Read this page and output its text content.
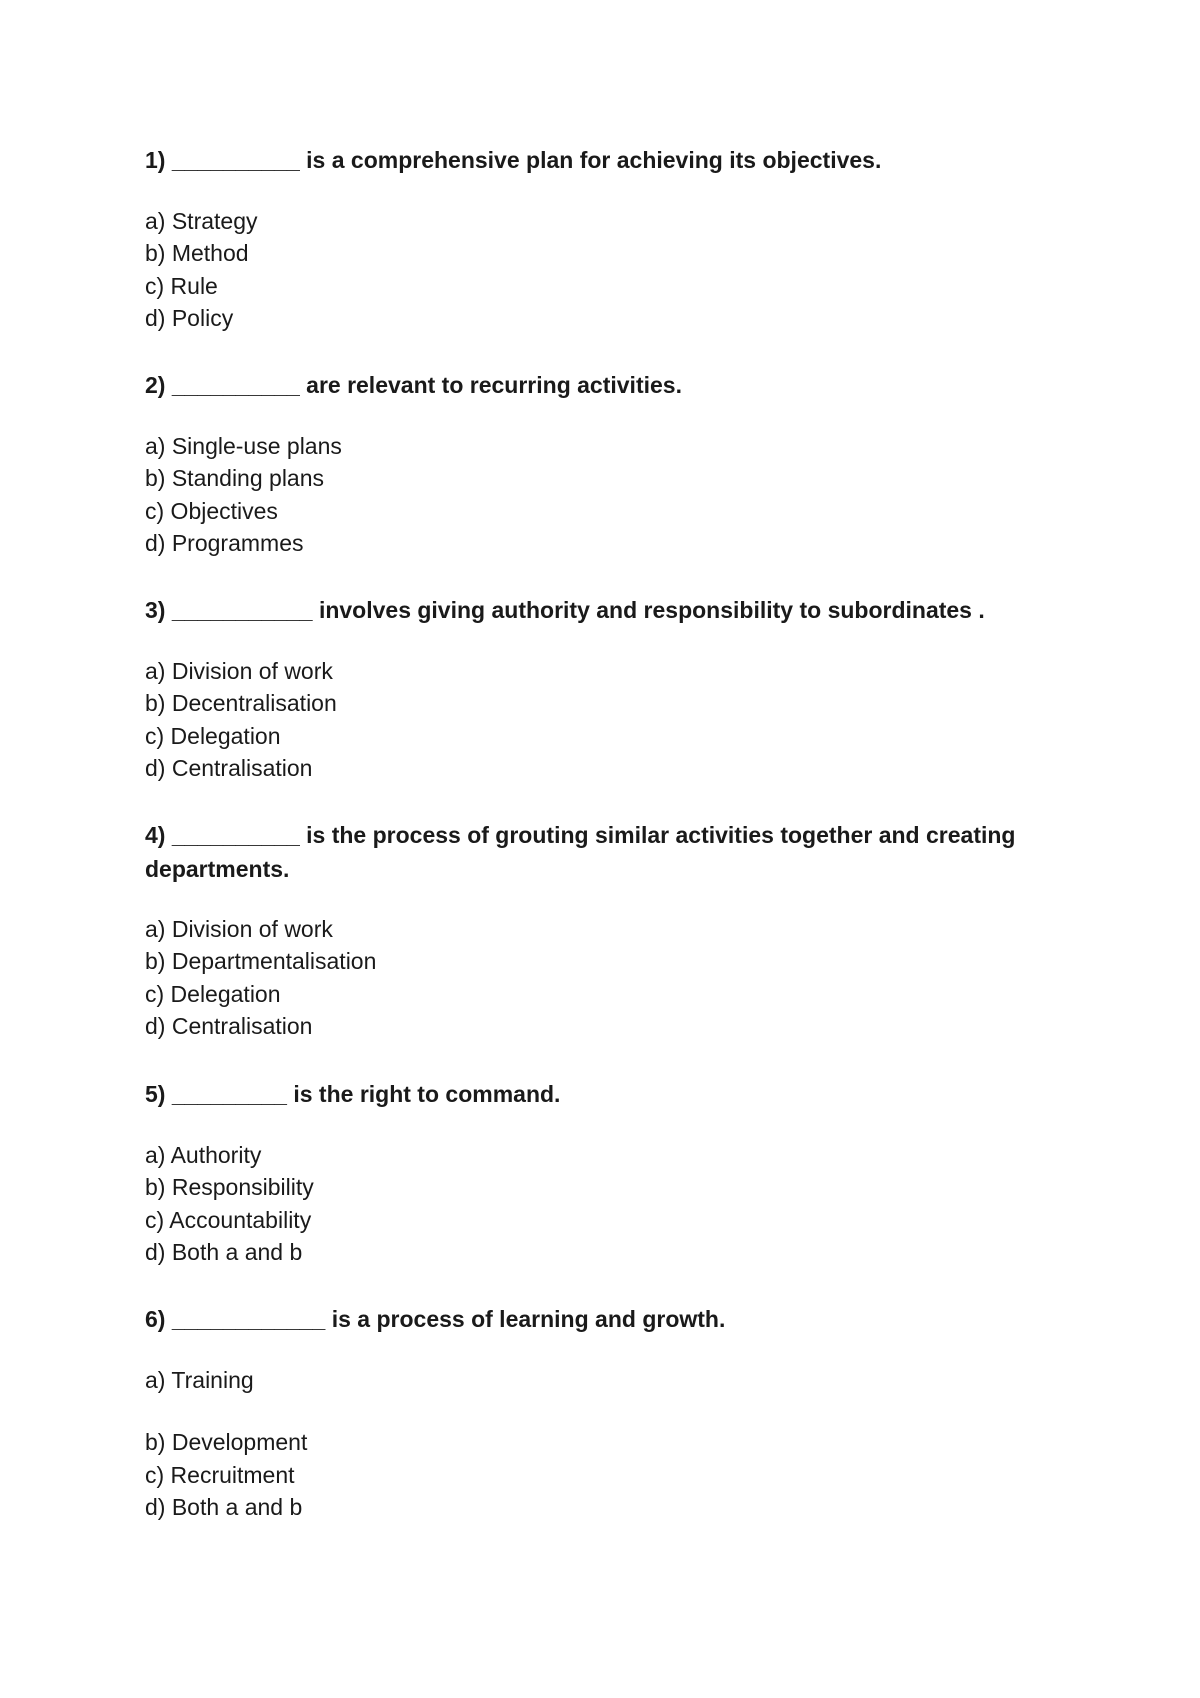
1) __________ is a comprehensive plan for achieving its objectives.

a) Strategy
b) Method
c) Rule
d) Policy

2) __________ are relevant to recurring activities.

a) Single-use plans
b) Standing plans
c) Objectives
d) Programmes

3) ___________ involves giving authority and responsibility to subordinates .

a) Division of work
b) Decentralisation
c) Delegation
d) Centralisation

4) __________ is the process of grouting similar activities together and creating departments.

a) Division of work
b) Departmentalisation
c) Delegation
d) Centralisation

5) _________ is the right to command.

a) Authority
b) Responsibility
c) Accountability
d) Both a and b

6) ____________ is a process of learning and growth.

a) Training
b) Development
c) Recruitment
d) Both a and b
